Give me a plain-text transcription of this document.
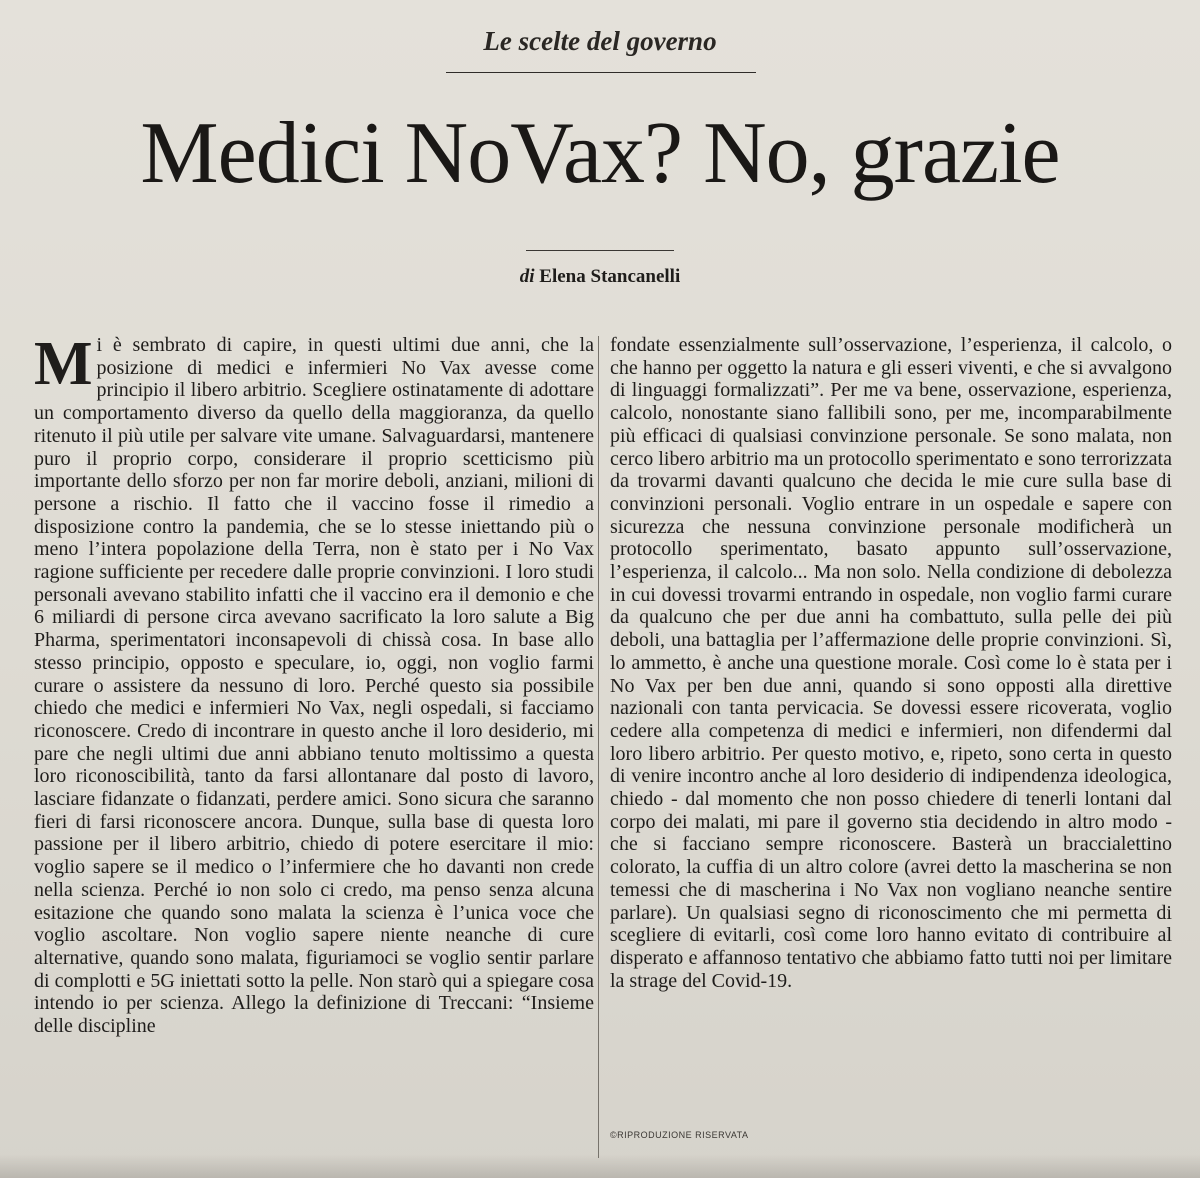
Le scelte del governo
Medici NoVax? No, grazie
di Elena Stancanelli

Mi è sembrato di capire, in questi ultimi due anni, che la posizione di medici e infermieri No Vax avesse come principio il libero arbitrio. Scegliere ostinatamente di adottare un comportamento diverso da quello della maggioranza, da quello ritenuto il più utile per salvare vite umane. Salvaguardarsi, mantenere puro il proprio corpo, considerare il proprio scetticismo più importante dello sforzo per non far morire deboli, anziani, milioni di persone a rischio. Il fatto che il vaccino fosse il rimedio a disposizione contro la pandemia, che se lo stesse iniettando più o meno l’intera popolazione della Terra, non è stato per i No Vax ragione sufficiente per recedere dalle proprie convinzioni. I loro studi personali avevano stabilito infatti che il vaccino era il demonio e che 6 miliardi di persone circa avevano sacrificato la loro salute a Big Pharma, sperimentatori inconsapevoli di chissà cosa. In base allo stesso principio, opposto e speculare, io, oggi, non voglio farmi curare o assistere da nessuno di loro. Perché questo sia possibile chiedo che medici e infermieri No Vax, negli ospedali, si facciamo riconoscere. Credo di incontrare in questo anche il loro desiderio, mi pare che negli ultimi due anni abbiano tenuto moltissimo a questa loro riconoscibilità, tanto da farsi allontanare dal posto di lavoro, lasciare fidanzate o fidanzati, perdere amici. Sono sicura che saranno fieri di farsi riconoscere ancora. Dunque, sulla base di questa loro passione per il libero arbitrio, chiedo di potere esercitare il mio: voglio sapere se il medico o l’infermiere che ho davanti non crede nella scienza. Perché io non solo ci credo, ma penso senza alcuna esitazione che quando sono malata la scienza è l’unica voce che voglio ascoltare. Non voglio sapere niente neanche di cure alternative, quando sono malata, figuriamoci se voglio sentir parlare di complotti e 5G iniettati sotto la pelle. Non starò qui a spiegare cosa intendo io per scienza. Allego la definizione di Treccani: “Insieme delle discipline

fondate essenzialmente sull’osservazione, l’esperienza, il calcolo, o che hanno per oggetto la natura e gli esseri viventi, e che si avvalgono di linguaggi formalizzati”. Per me va bene, osservazione, esperienza, calcolo, nonostante siano fallibili sono, per me, incomparabilmente più efficaci di qualsiasi convinzione personale. Se sono malata, non cerco libero arbitrio ma un protocollo sperimentato e sono terrorizzata da trovarmi davanti qualcuno che decida le mie cure sulla base di convinzioni personali. Voglio entrare in un ospedale e sapere con sicurezza che nessuna convinzione personale modificherà un protocollo sperimentato, basato appunto sull’osservazione, l’esperienza, il calcolo... Ma non solo. Nella condizione di debolezza in cui dovessi trovarmi entrando in ospedale, non voglio farmi curare da qualcuno che per due anni ha combattuto, sulla pelle dei più deboli, una battaglia per l’affermazione delle proprie convinzioni. Sì, lo ammetto, è anche una questione morale. Così come lo è stata per i No Vax per ben due anni, quando si sono opposti alla direttive nazionali con tanta pervicacia. Se dovessi essere ricoverata, voglio cedere alla competenza di medici e infermieri, non difendermi dal loro libero arbitrio. Per questo motivo, e, ripeto, sono certa in questo di venire incontro anche al loro desiderio di indipendenza ideologica, chiedo - dal momento che non posso chiedere di tenerli lontani dal corpo dei malati, mi pare il governo stia decidendo in altro modo - che si facciano sempre riconoscere. Basterà un braccialettino colorato, la cuffia di un altro colore (avrei detto la mascherina se non temessi che di mascherina i No Vax non vogliano neanche sentire parlare). Un qualsiasi segno di riconoscimento che mi permetta di scegliere di evitarli, così come loro hanno evitato di contribuire al disperato e affannoso tentativo che abbiamo fatto tutti noi per limitare la strage del Covid-19.

©RIPRODUZIONE RISERVATA
